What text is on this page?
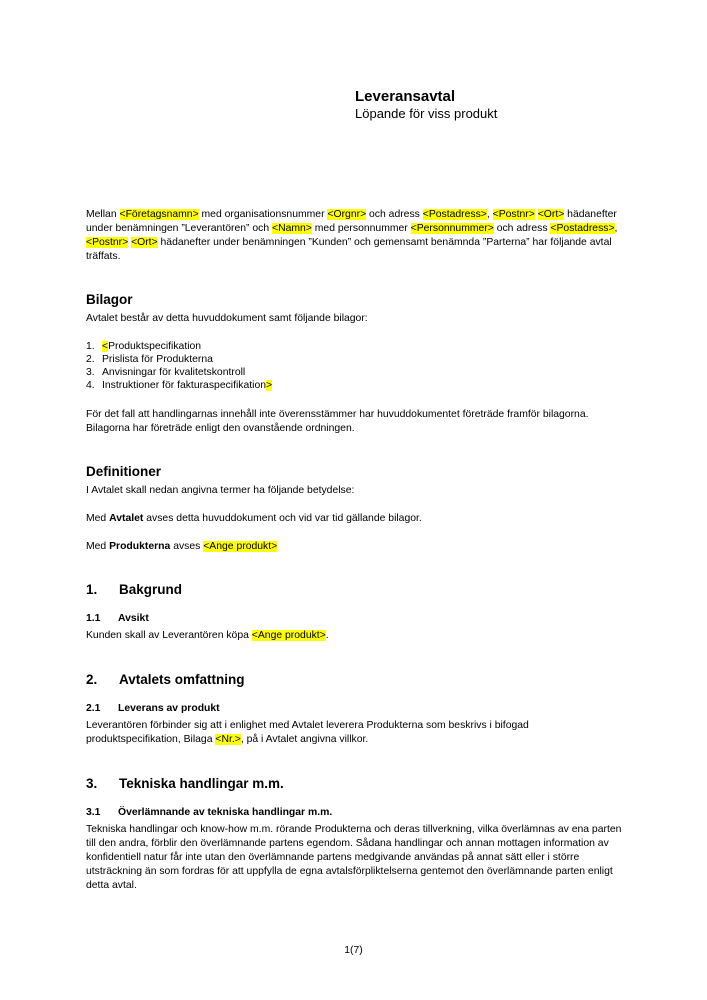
Leveransavtal
Löpande för viss produkt
Mellan <Företagsnamn> med organisationsnummer <Orgnr> och adress <Postadress>, <Postnr> <Ort> hädanefter under benämningen ”Leverantören” och <Namn> med personnummer <Personnummer> och adress <Postadress>, <Postnr> <Ort> hädanefter under benämningen ”Kunden” och gemensamt benämnda ”Parterna” har följande avtal träffats.
Bilagor
Avtalet består av detta huvuddokument samt följande bilagor:
1. <Produktspecifikation
2. Prislista för Produkterna
3. Anvisningar för kvalitetskontroll
4. Instruktioner för fakturaspecifikation>
För det fall att handlingarnas innehåll inte överensstämmer har huvuddokumentet företräde framför bilagorna. Bilagorna har företräde enligt den ovanstående ordningen.
Definitioner
I Avtalet skall nedan angivna termer ha följande betydelse:
Med Avtalet avses detta huvuddokument och vid var tid gällande bilagor.
Med Produkterna avses <Ange produkt>
1. Bakgrund
1.1 Avsikt
Kunden skall av Leverantören köpa <Ange produkt>.
2. Avtalets omfattning
2.1 Leverans av produkt
Leverantören förbinder sig att i enlighet med Avtalet leverera Produkterna som beskrivs i bifogad produktspecifikation, Bilaga <Nr.>, på i Avtalet angivna villkor.
3. Tekniska handlingar m.m.
3.1 Överlämnande av tekniska handlingar m.m.
Tekniska handlingar och know-how m.m. rörande Produkterna och deras tillverkning, vilka överlämnas av ena parten till den andra, förblir den överlämnande partens egendom. Sådana handlingar och annan mottagen information av konfidentiell natur får inte utan den överlämnande partens medgivande användas på annat sätt eller i större utsträckning än som fordras för att uppfylla de egna avtalsförpliktelserna gentemot den överlämnande parten enligt detta avtal.
1(7)
